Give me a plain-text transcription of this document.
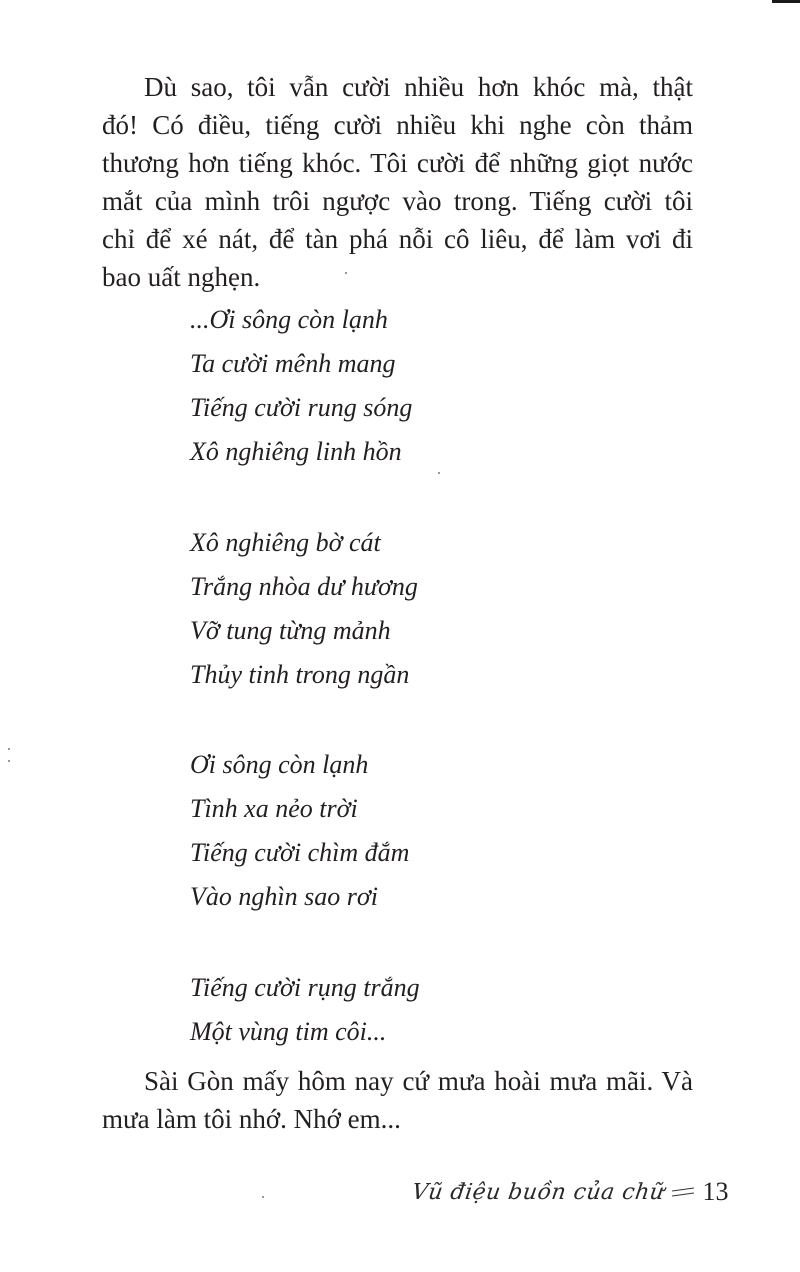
Dù sao, tôi vẫn cười nhiều hơn khóc mà, thật
đó! Có điều, tiếng cười nhiều khi nghe còn thảm
thương hơn tiếng khóc. Tôi cười để những giọt nước
mắt của mình trôi ngược vào trong. Tiếng cười tôi
chỉ để xé nát, để tàn phá nỗi cô liêu, để làm vơi đi
bao uất nghẹn.
...Ơi sông còn lạnh
Ta cười mênh mang
Tiếng cười rung sóng
Xô nghiêng linh hồn
Xô nghiêng bờ cát
Trắng nhòa dư hương
Vỡ tung từng mảnh
Thủy tinh trong ngần
Ơi sông còn lạnh
Tình xa nẻo trời
Tiếng cười chìm đắm
Vào nghìn sao rơi
Tiếng cười rụng trắng
Một vùng tim côi...
Sài Gòn mấy hôm nay cứ mưa hoài mưa mãi. Và
mưa làm tôi nhớ. Nhớ em...
Vũ điệu buồn của chữ 13
